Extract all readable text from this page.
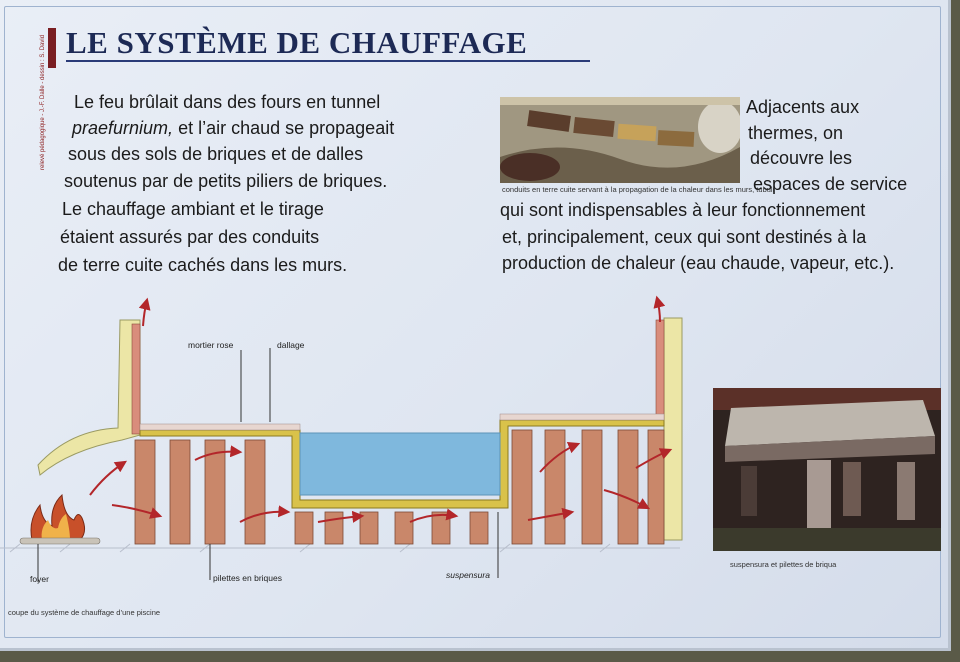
LE SYSTÈME DE CHAUFFAGE
relevé pédagogique - J.-F. Dalle - dessin : S. David Le feu brûlait dans des fours en tunnel
praefurnium, et l’air chaud se propageait
sous des sols de briques et de dalles
soutenus par de petits piliers de briques.
Le chauffage ambiant et le tirage
étaient assurés par des conduits
de terre cuite cachés dans les murs.
Adjacents aux
thermes, on
découvre les
espaces de service
qui sont indispensables à leur fonctionnement
et, principalement, ceux qui sont destinés à la
production de chaleur (eau chaude, vapeur, etc.).
conduits en terre cuite servant à la propagation de la chaleur dans les murs, tubuli
suspensura et pilettes de briqua
mortier rose	dallage
foyer	pilettes en briques	suspensura
coupe du système de chauffage d’une piscine
